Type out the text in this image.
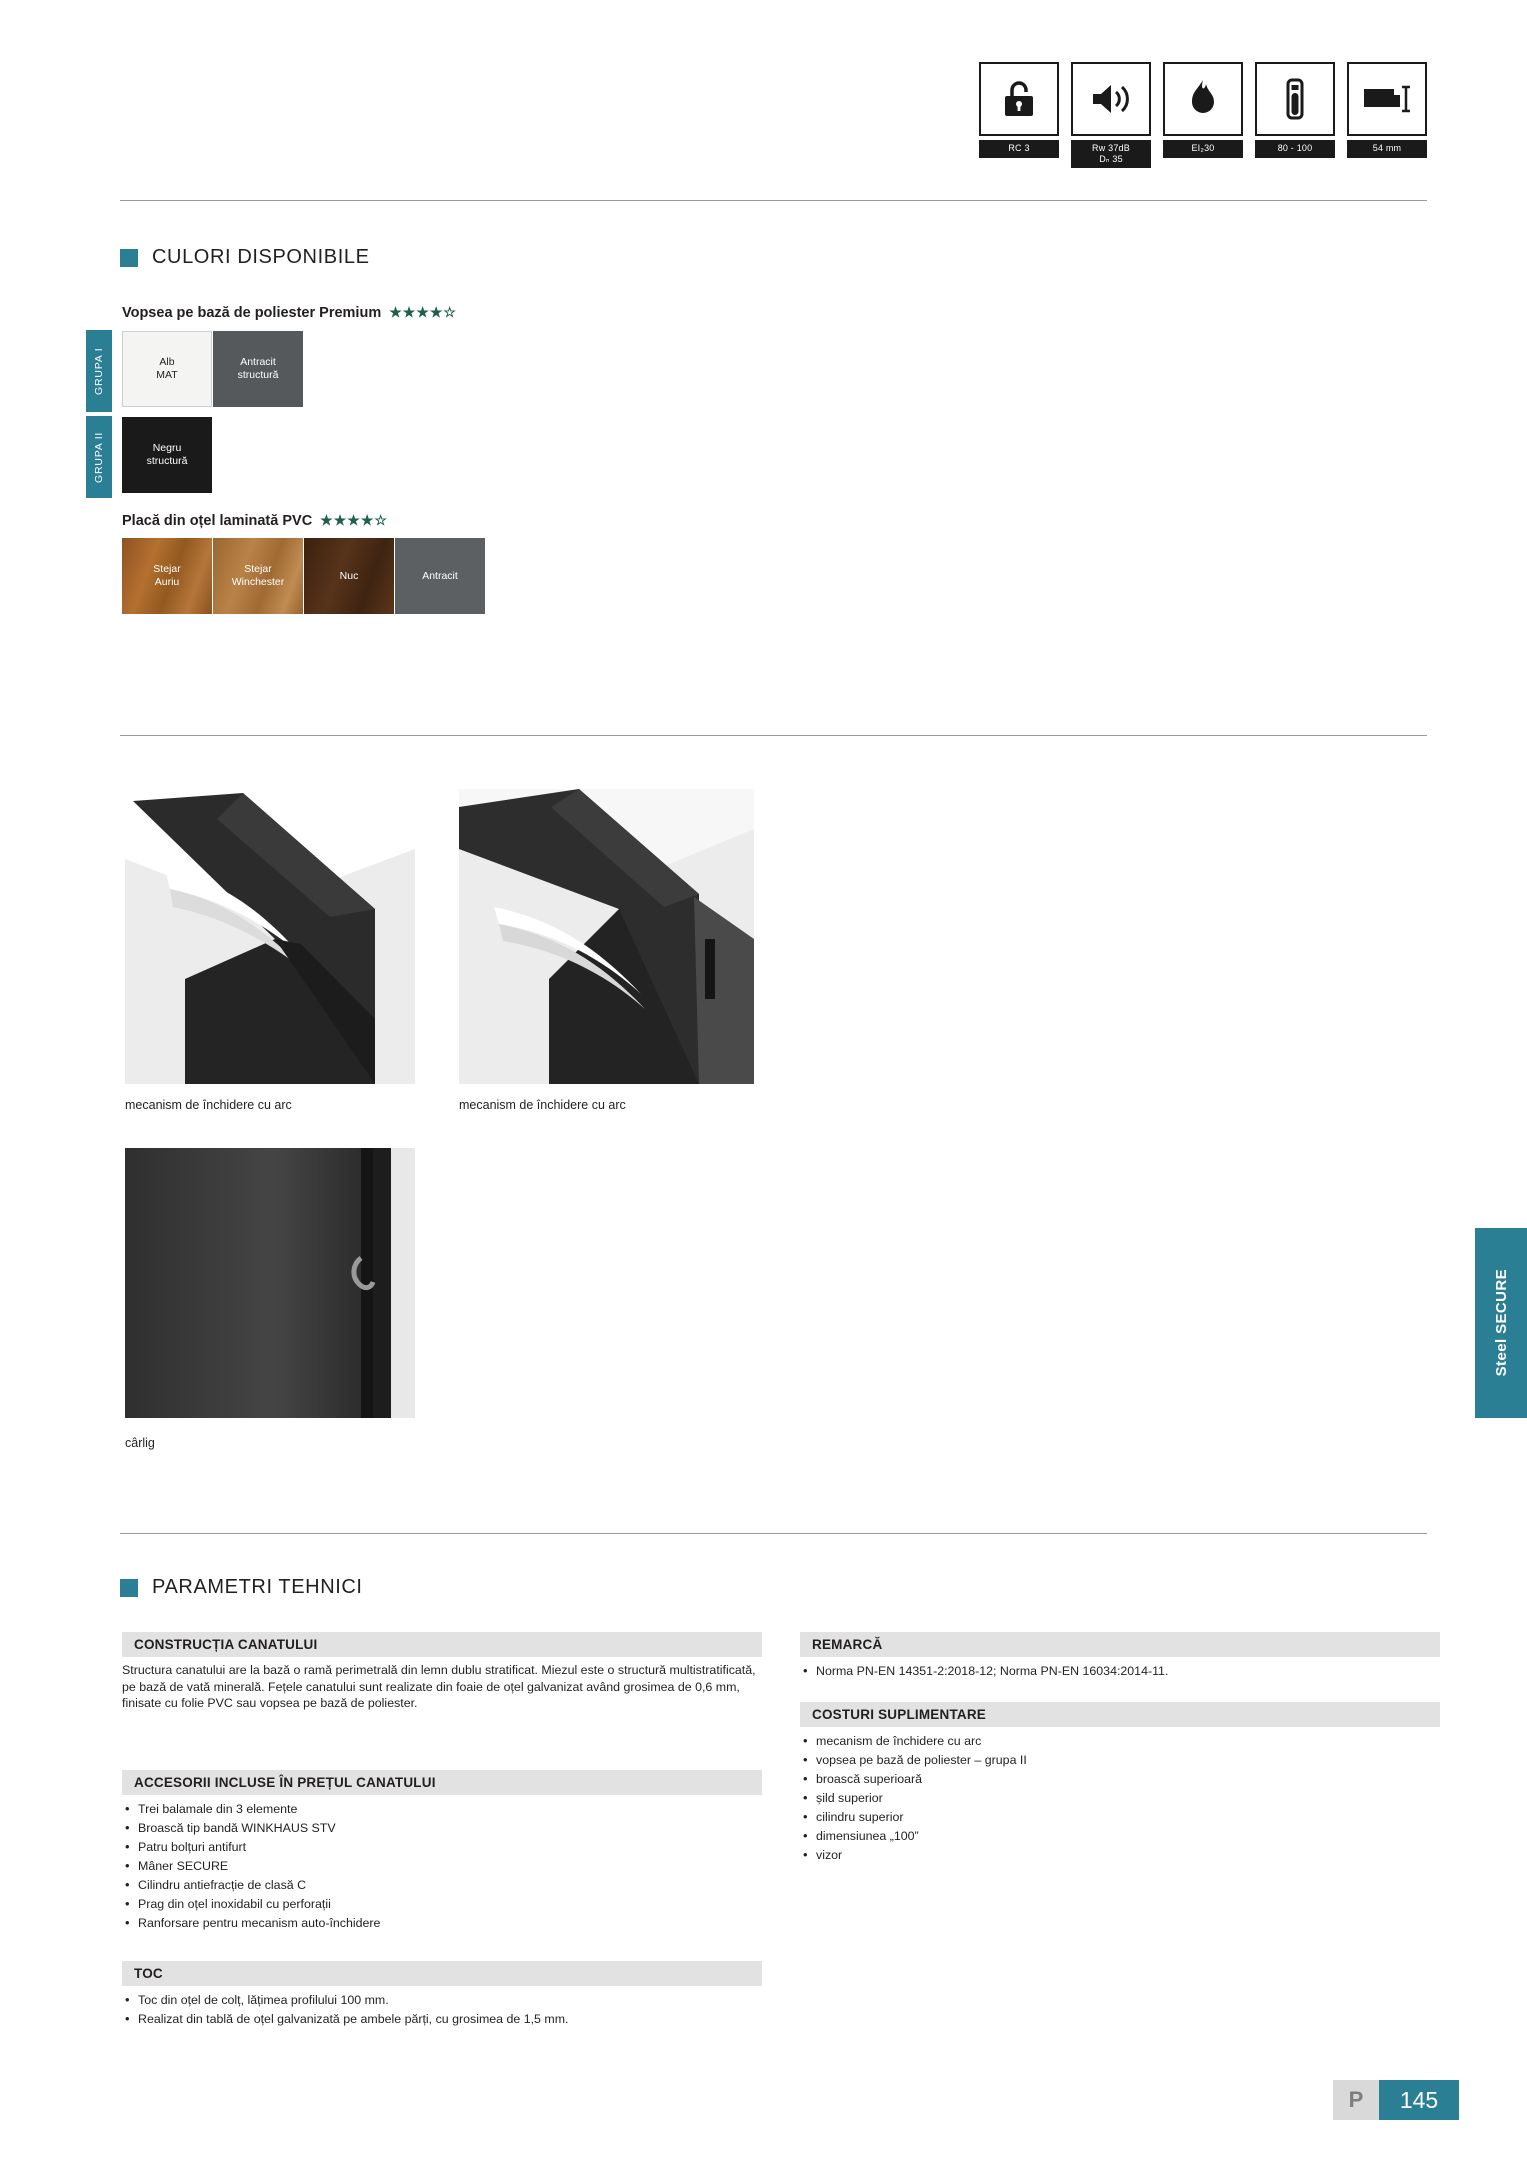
RC 3	Rw 37dB
Dₙ 35
EI₂30	80 - 100	54 mm
CULORI DISPONIBILE
Vopsea pe bază de poliester Premium ★★★★☆
GRUPA I
GRUPA II
Alb
MAT
Antracit
structură
Negru
structură
Placă din oțel laminată PVC ★★★★☆
Stejar
Auriu
Stejar
Winchester
Nuc	Antracit
mecanism de închidere cu arc	mecanism de închidere cu arc
cârlig
Steel SECURE
PARAMETRI TEHNICI
CONSTRUCȚIA CANATULUI
Structura canatului are la bază o ramă perimetrală din lemn dublu stratificat. Miezul este o structură multistratificată, pe bază de vată minerală. Fețele canatului sunt realizate din foaie de oțel galvanizat având grosimea de 0,6 mm, finisate cu folie PVC sau vopsea pe bază de poliester.
ACCESORII INCLUSE ÎN PREȚUL CANATULUI
• Trei balamale din 3 elemente
• Broască tip bandă WINKHAUS STV
• Patru bolțuri antifurt
• Mâner SECURE
• Cilindru antiefracție de clasă C
• Prag din oțel inoxidabil cu perforații
• Ranforsare pentru mecanism auto-închidere
TOC
• Toc din oțel de colț, lățimea profilului 100 mm.
• Realizat din tablă de oțel galvanizată pe ambele părți, cu grosimea de 1,5 mm.
REMARCĂ
• Norma PN-EN 14351-2:2018-12; Norma PN-EN 16034:2014-11.
COSTURI SUPLIMENTARE
• mecanism de închidere cu arc
• vopsea pe bază de poliester – grupa II
• broască superioară
• șild superior
• cilindru superior
• dimensiunea „100”
• vizor
P	145
